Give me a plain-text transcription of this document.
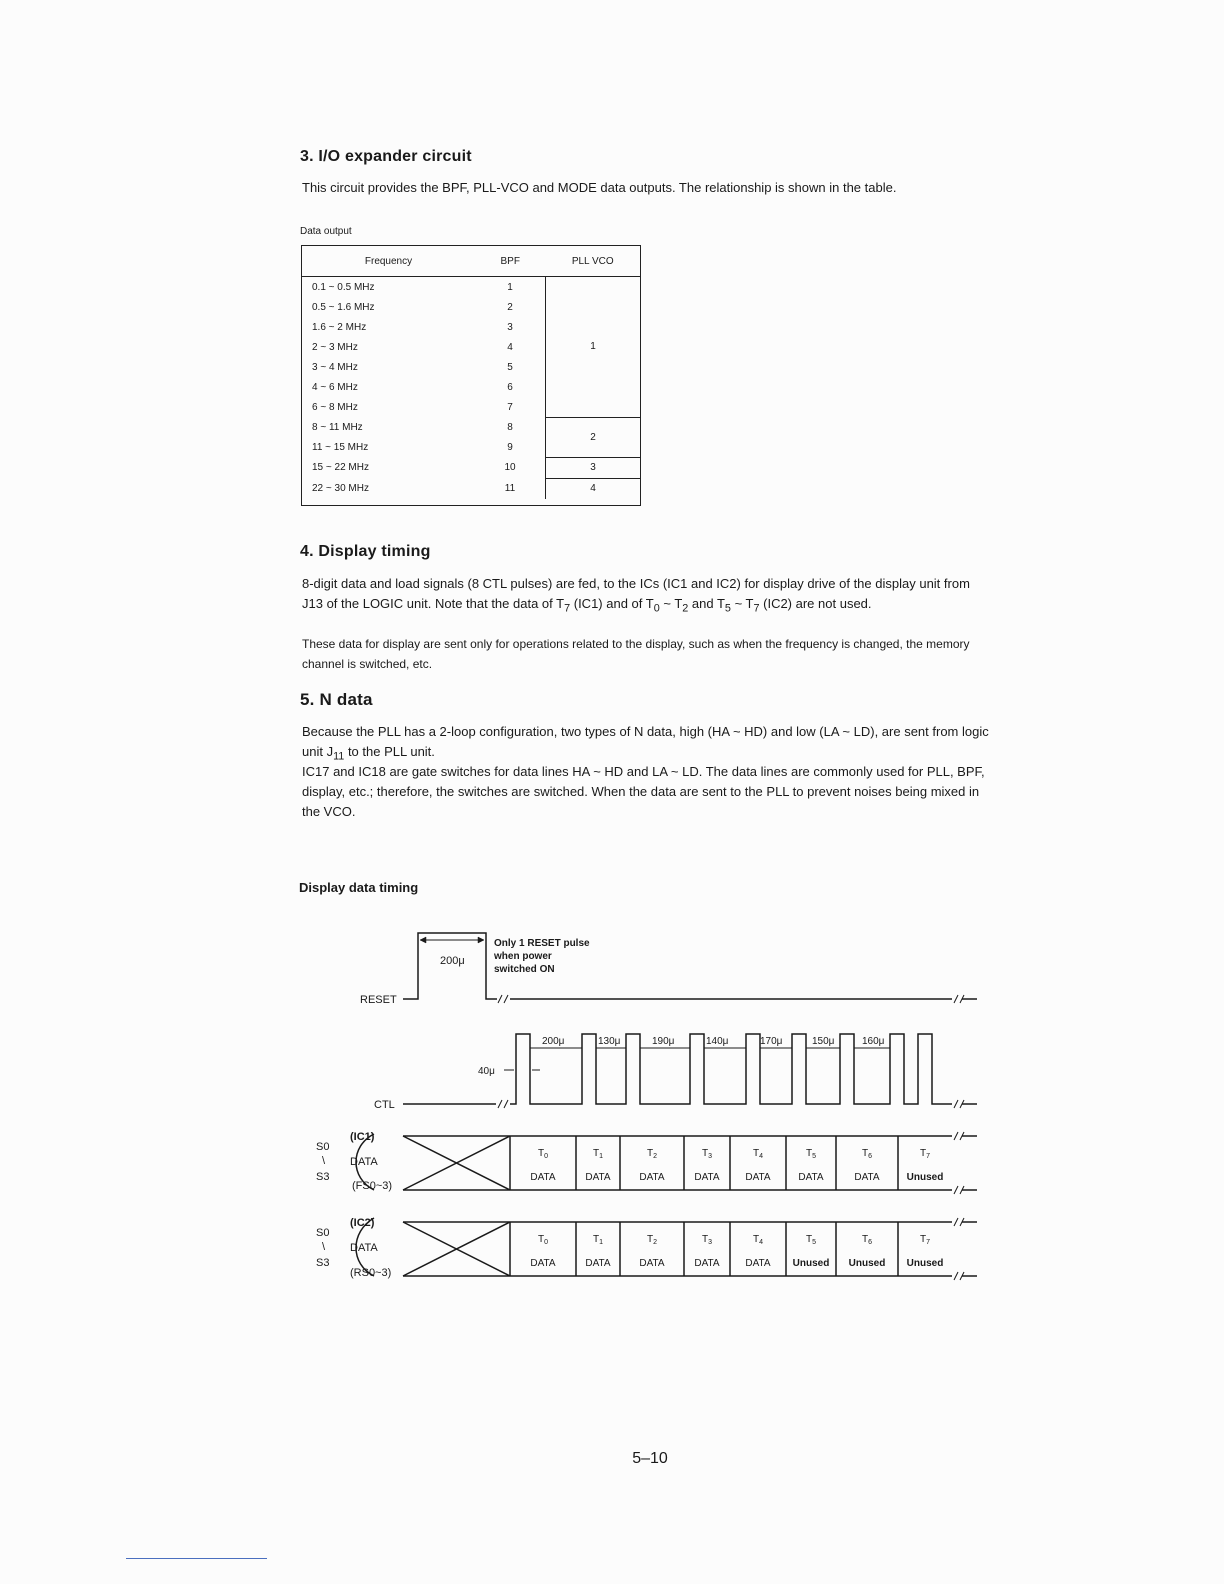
3. I/O expander circuit

This circuit provides the BPF, PLL-VCO and MODE data outputs. The relationship is shown in the table.

Data output
Frequency	BPF	PLL VCO
0.1 ~ 0.5 MHz	1	1
0.5 ~ 1.6 MHz	2	
1.6 ~ 2 MHz	3	
2 ~ 3 MHz	4	
3 ~ 4 MHz	5	
4 ~ 6 MHz	6	
6 ~ 8 MHz	7	
8 ~ 11 MHz	8	2
11 ~ 15 MHz	9	
15 ~ 22 MHz	10	3
22 ~ 30 MHz	11	4
4. Display timing

8-digit data and load signals (8 CTL pulses) are fed, to the ICs (IC1 and IC2) for display drive of the display unit from J13 of the LOGIC unit. Note that the data of $T_7$ (IC1) and of $T_0$ ~ $T_2$ and $T_5$ ~ $T_7$ (IC2) are not used.

These data for display are sent only for operations related to the display, such as when the frequency is changed, the memory channel is switched, etc.

5. N data

Because the PLL has a 2-loop configuration, two types of N data, high (HA ~ HD) and low (LA ~ LD), are sent from logic unit $J_{11}$ to the PLL unit.

IC17 and IC18 are gate switches for data lines HA ~ HD and LA ~ LD. The data lines are commonly used for PLL, BPF, display, etc.; therefore, the switches are switched. When the data are sent to the PLL to prevent noises being mixed in the VCO.

Display data timing
RESET
200μ
Only 1 RESET pulse
when power
switched ON
CTL
40μ
200μ	130μ	190μ	140μ	170μ	150μ	160μ
S0
\
S3
(IC1)
DATA
(FS0~3)
S0
\
S3
(IC2)
DATA
(RS0~3)
$T_0$
DATA
$T_1$
DATA
$T_2$
DATA
$T_3$
DATA
$T_4$
DATA
$T_5$
DATA
$T_6$
DATA
$T_7$
Unused
$T_0$
DATA
$T_1$
DATA
$T_2$
DATA
$T_3$
DATA
$T_4$
DATA
$T_5$
Unused
$T_6$
Unused
$T_7$
Unused
5–10
